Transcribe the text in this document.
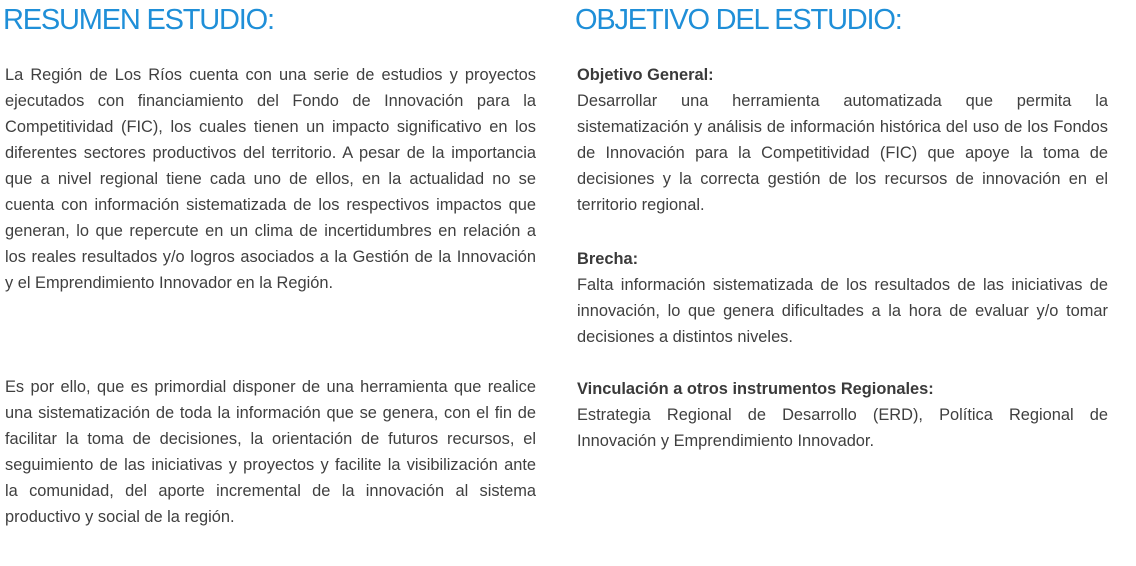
RESUMEN ESTUDIO:

La Región de Los Ríos cuenta con una serie de estudios y proyectos ejecutados con financiamiento del Fondo de Innovación para la Competitividad (FIC), los cuales tienen un impacto significativo en los diferentes sectores productivos del territorio. A pesar de la importancia que a nivel regional tiene cada uno de ellos, en la actualidad no se cuenta con información sistematizada de los respectivos impactos que generan, lo que repercute en un clima de incertidumbres en relación a los reales resultados y/o logros asociados a la Gestión de la Innovación y el Emprendimiento Innovador en la Región.

Es por ello, que es primordial disponer de una herramienta que realice una sistematización de toda la información que se genera, con el fin de facilitar la toma de decisiones, la orientación de futuros recursos, el seguimiento de las iniciativas y proyectos y facilite la visibilización ante la comunidad, del aporte incremental de la innovación al sistema productivo y social de la región.

OBJETIVO DEL ESTUDIO:

Objetivo General:

Desarrollar una herramienta automatizada que permita la sistematización y análisis de información histórica del uso de los Fondos de Innovación para la Competitividad (FIC) que apoye la toma de decisiones y la correcta gestión de los recursos de innovación en el territorio regional.

Brecha:

Falta información sistematizada de los resultados de las iniciativas de innovación, lo que genera dificultades a la hora de evaluar y/o tomar decisiones a distintos niveles.

Vinculación a otros instrumentos Regionales:

Estrategia Regional de Desarrollo (ERD), Política Regional de Innovación y Emprendimiento Innovador.
